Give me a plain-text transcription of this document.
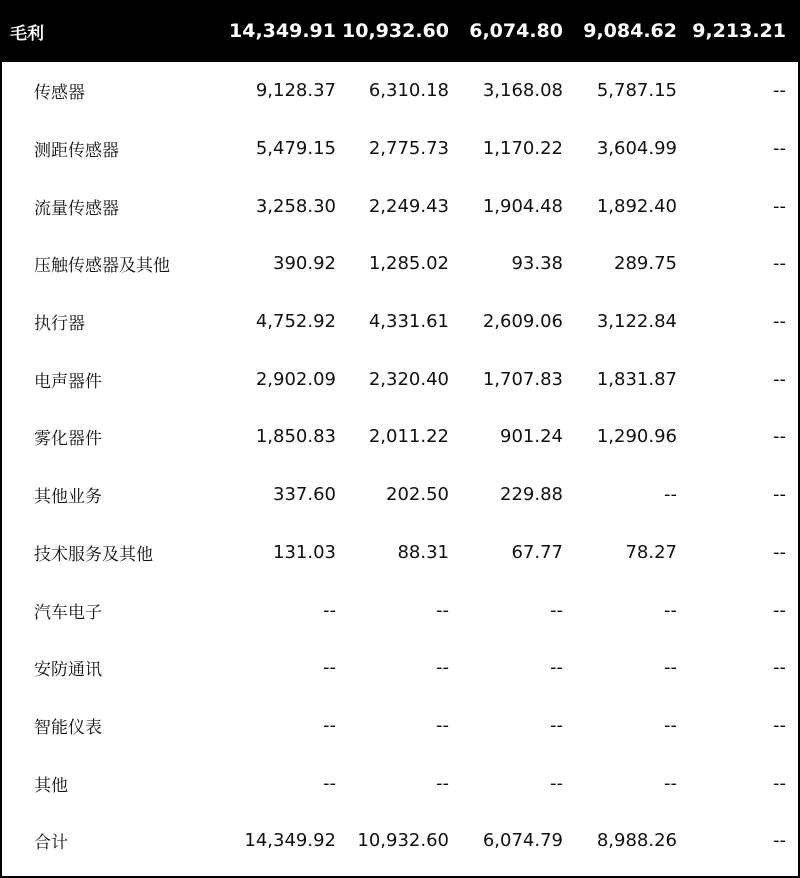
毛利	14,349.91	10,932.60	6,074.80	9,084.62	9,213.21
传感器	9,128.37	6,310.18	3,168.08	5,787.15	--
测距传感器	5,479.15	2,775.73	1,170.22	3,604.99	--
流量传感器	3,258.30	2,249.43	1,904.48	1,892.40	--
压触传感器及其他	390.92	1,285.02	93.38	289.75	--
执行器	4,752.92	4,331.61	2,609.06	3,122.84	--
电声器件	2,902.09	2,320.40	1,707.83	1,831.87	--
雾化器件	1,850.83	2,011.22	901.24	1,290.96	--
其他业务	337.60	202.50	229.88	--	--
技术服务及其他	131.03	88.31	67.77	78.27	--
汽车电子	--	--	--	--	--
安防通讯	--	--	--	--	--
智能仪表	--	--	--	--	--
其他	--	--	--	--	--
合计	14,349.92	10,932.60	6,074.79	8,988.26	--
